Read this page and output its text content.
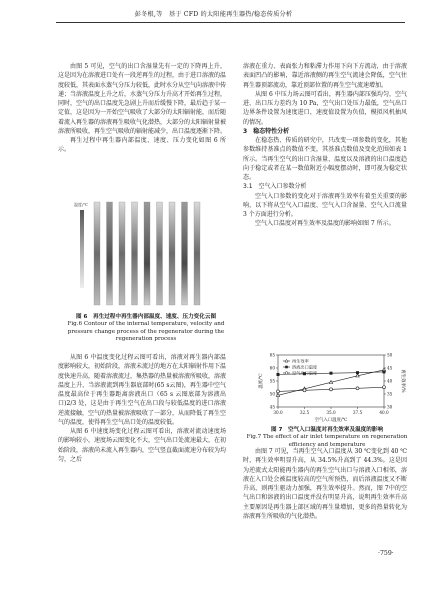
彭冬根,等　基于 CFD 的太阳能再生器热/稳态传质分析

由图 5 可见，空气的出口含湿量先有一定的下降再上升，这是因为在溶液进口处有一段逆再生的过程，由于进口溶液的温度较低，其表面水蒸气分压力较低，此时水分从空气向溶液中传递；当溶液温度上升之后，水蒸气分压力升高才开始再生过程，同时，空气的出口温度先急剧上升而后缓慢下降，最后趋于某一定值，这是因为一开始空气吸收了大部分的太阳辐射能，而后随着流入再生器的溶液再生吸收气化潜热，大部分的太阳辐射量被溶液所吸收，再生空气吸收的辐射能减少，出口温度逐渐下降。

再生过程中再生器内部温度、速度、压力变化如图 6 所示。

温度/℃
图 6　再生过程中再生器内部温度、速度、压力变化云图
Fig.6 Contour of the internal temperature, velocity and
pressure change process of the regenerator during the
regeneration process

从图 6 中温度变化过程云图可看出，溶液对再生器内部温度影响较大，初始阶段，溶液未流过的地方在太阳辐射作用下温度快速升高，随着溶液流过，集热器的热量被溶液所吸收，溶液温度上升，当溶液流到再生器底部时(65 s云图)，再生器中空气温度最高位于再生器距离溶液出口（65 s 云图底部为溶液出口)2/3 处，这是由于再生空气在出口段与较低温度的进口溶液逆流接触，空气的热量被溶液吸收了一部分，从而降低了再生空气的温度，使得再生空气出口处的温度较低。

从图 6 中速度场变化过程云图可看出，溶液对流动速度场的影响较小，速度场云图变化不大，空气出口处流速最大，在初始阶段，溶液尚未流入再生器内，空气竖直截面流速分布较为均匀，之后

溶液在重力、表面张力和粘滞力作用下向下方流动，由于溶液表面凹凸的影响，靠近溶液侧的再生空气流速会降低，空气往再生器顶部流动，靠近顶部位置的再生空气流速增加。

从图 6 中压力场云图可看出，再生器内部压强均匀，空气进、出口压力差约为 10 Pa，空气出口处压力最低，空气出口边界条件设置为速度进口，速度值设置为负值，模拟风机抽风的情况。

3　稳态特性分析

在稳态热、传质的研究中，只改变一项参数的变化，其他参数维持基准点的数值不变，其基准点数值及变化范围如表 1 所示。当再生空气的出口含湿量、温度以及溶液的出口温度趋向于稳定或者在某一数值附近小幅度摆动时，即可视为稳定状态。

3.1　空气入口参数分析

空气入口参数的变化对于溶液再生效率有着至关重要的影响，以下将从空气入口温度、空气入口含湿量、空气入口流量 3 个方面进行分析。

空气入口温度对再生效率及温度的影响如图 7 所示。

30.0	32.5	35.0	37.5	40.0
45
50
55
60
65
30
35
40
45
50
空气入口温度/℃
温度/℃	再生效率/%
再生效率
溶液出口温度
空气出口温度
图 7　空气入口温度对再生效率及温度的影响
Fig.7 The effect of air inlet temperature on regeneration
efficiency and temperature

由图 7 可见，当再生空气入口温度从 30 ℃变化到 40 ℃时，再生效率明显升高，从 34.5%升高到了 44.3%。这是因为逆流式太阳能再生器内的再生空气出口与溶液入口相邻，溶液在入口处会被温度较高的空气所预热，而后溶液温度又不断升高，则再生驱动力加强，再生效率提升。然而，图 7中的空气出口和溶液的出口温度并没有明显升高，说明再生效率升高主要原因是再生器上部区域的再生量增加，更多的热量转化为溶液再生所吸收的气化潜热。

·759·
